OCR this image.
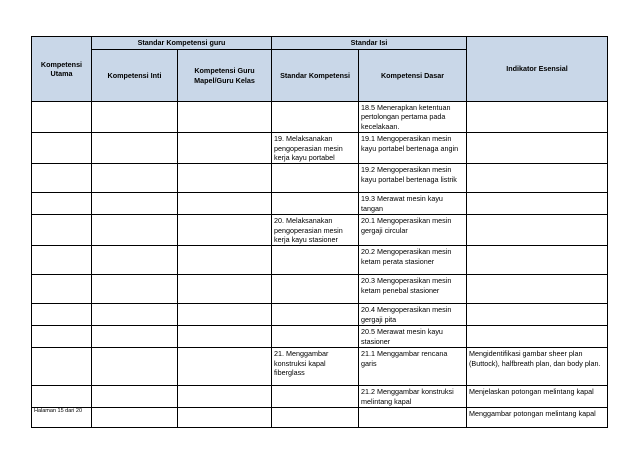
Kompetensi Utama	Standar Kompetensi guru		Standar Isi		Indikator Esensial
	Kompetensi Inti	Kompetensi Guru Mapel/Guru Kelas	Standar Kompetensi	Kompetensi Dasar	
				18.5 Menerapkan ketentuan pertolongan pertama pada kecelakaan.	
			19. Melaksanakan pengoperasian mesin kerja kayu portabel	19.1 Mengoperasikan mesin kayu portabel bertenaga angin	
				19.2 Mengoperasikan mesin kayu portabel bertenaga listrik	
				19.3 Merawat mesin kayu tangan	
			20. Melaksanakan pengoperasian mesin kerja kayu stasioner	20.1 Mengoperasikan mesin gergaji circular	
				20.2 Mengoperasikan mesin ketam perata stasioner	
				20.3 Mengoperasikan mesin ketam penebal stasioner	
				20.4 Mengoperasikan mesin gergaji pita	
				20.5 Merawat mesin kayu stasioner	
			21. Menggambar konstruksi kapal fiberglass	21.1 Menggambar rencana garis	Mengidentifikasi gambar sheer plan (Buttock), halfbreath plan, dan body plan.
				21.2 Menggambar konstruksi melintang kapal	Menjelaskan potongan melintang kapal
					Menggambar potongan melintang kapal
Halaman 15 dari 20
